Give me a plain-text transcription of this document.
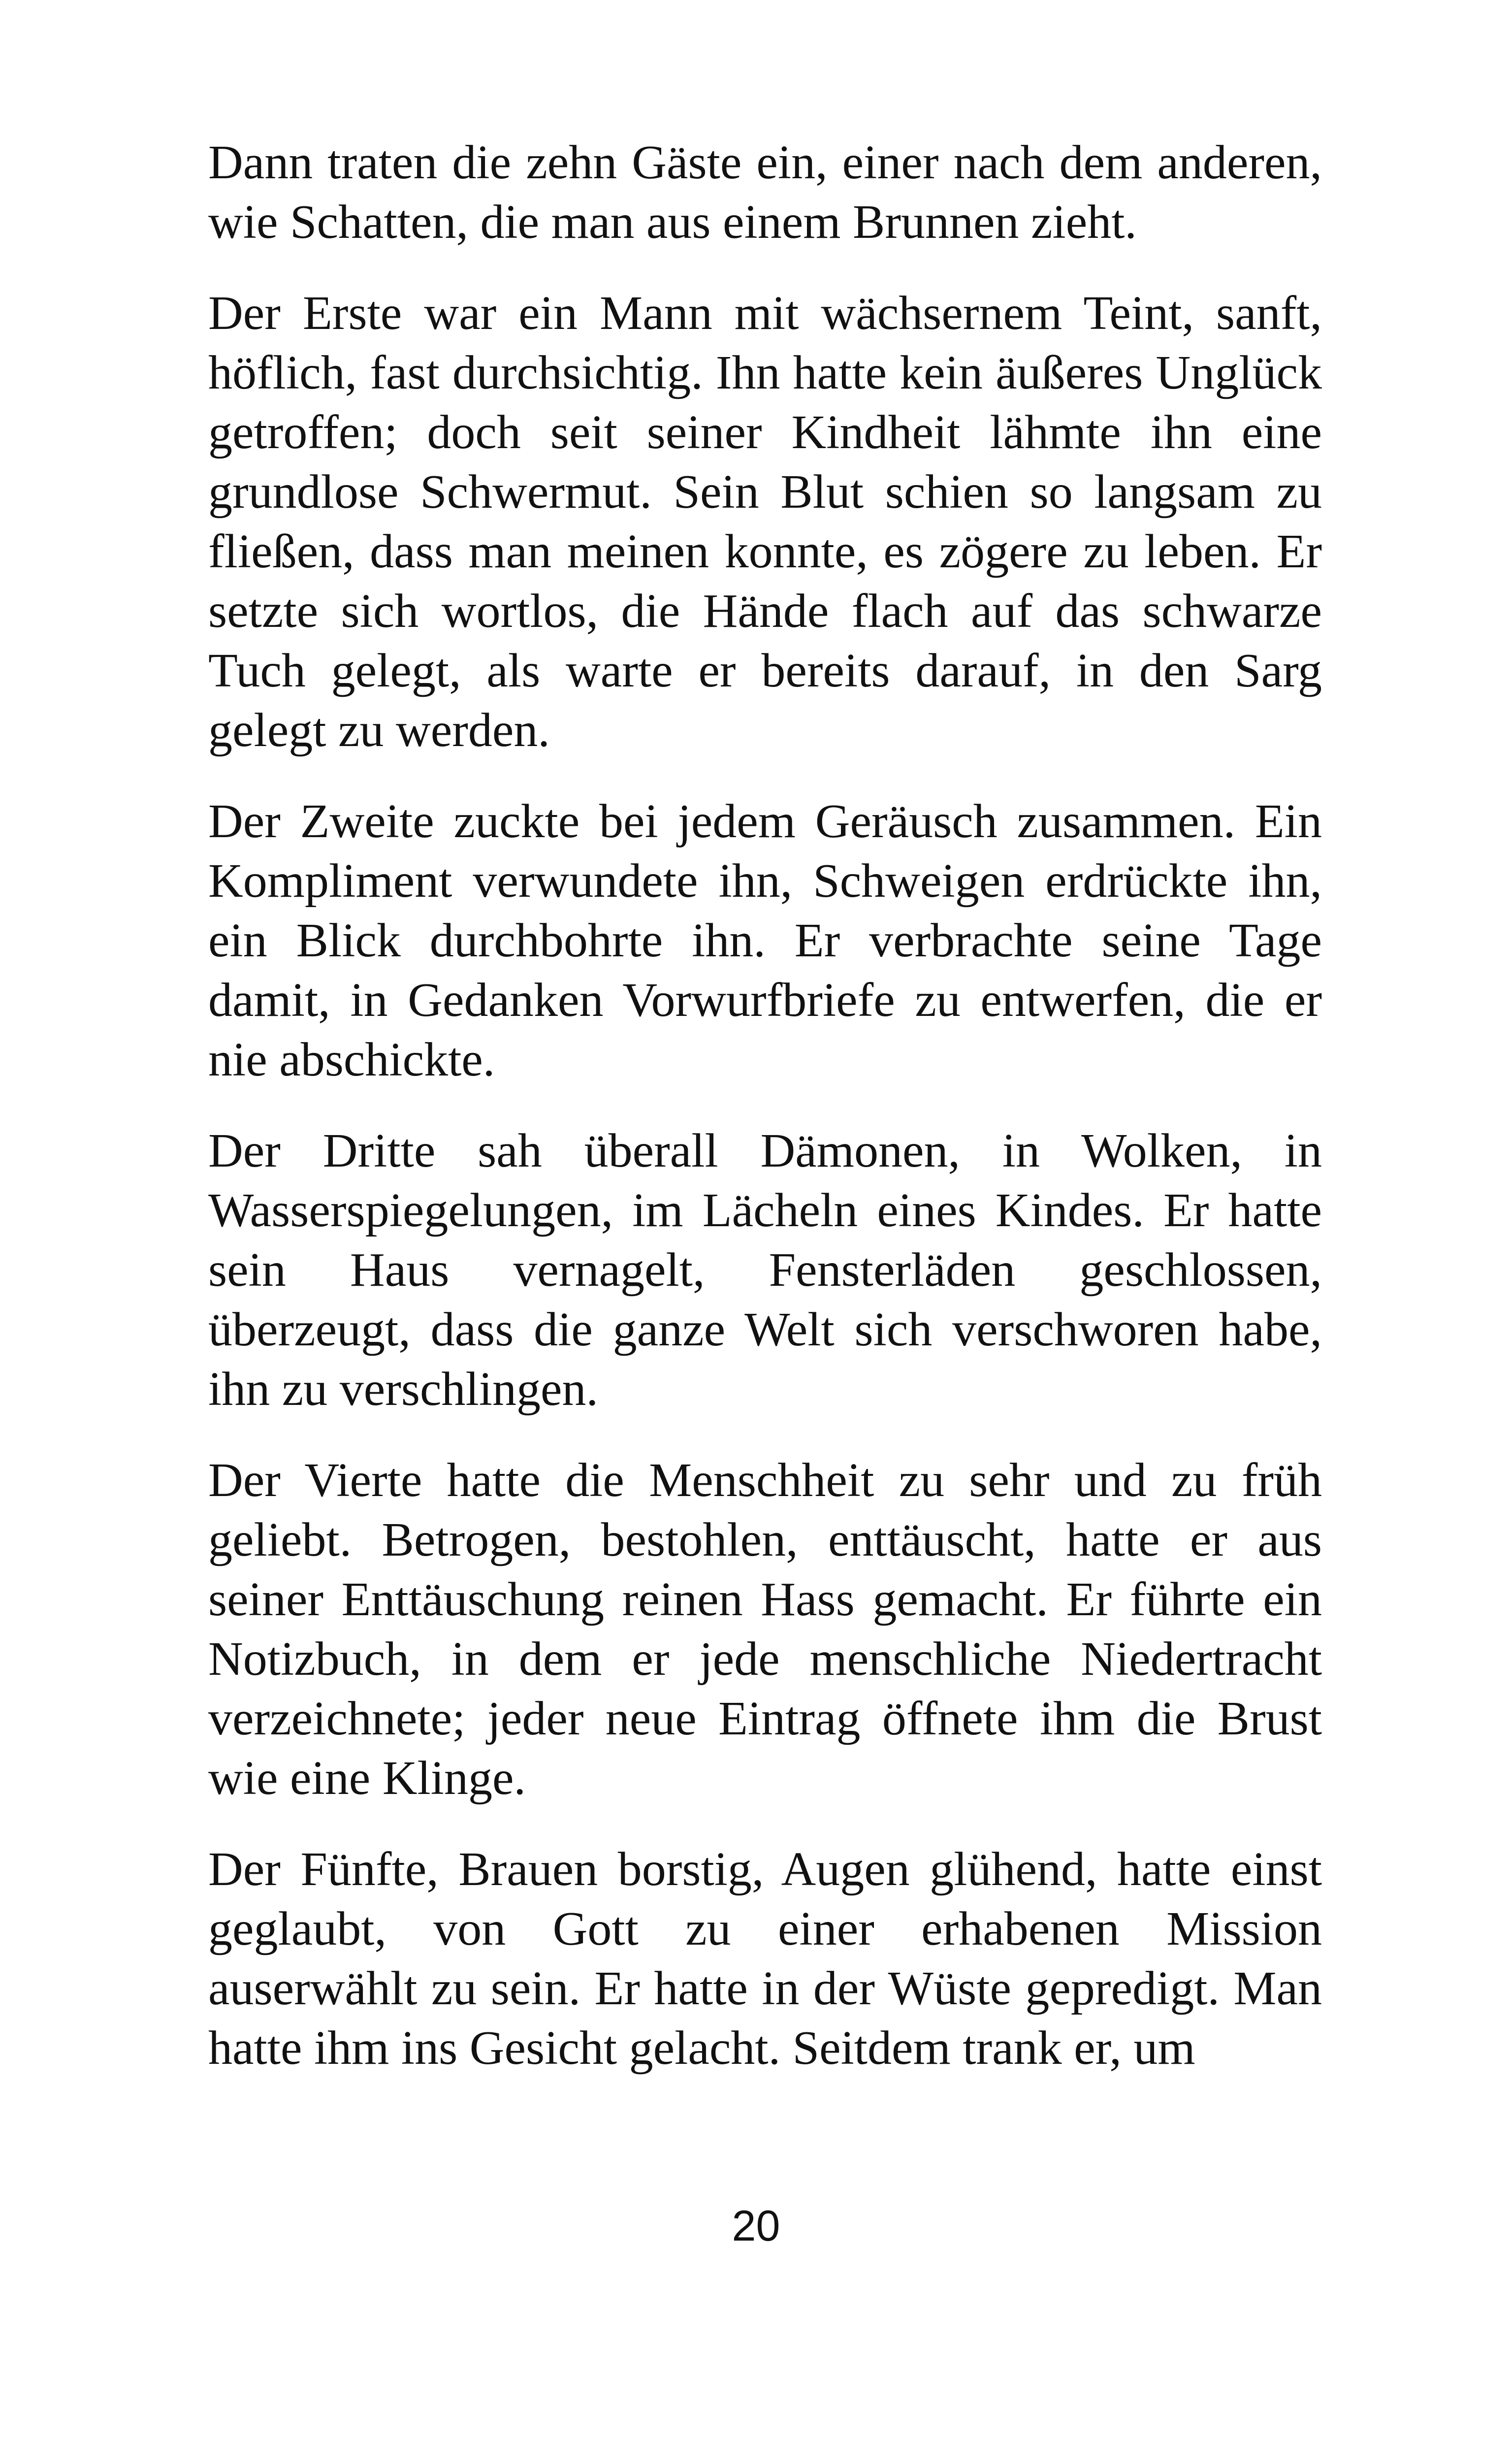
Dann traten die zehn Gäste ein, einer nach dem anderen, wie Schatten, die man aus einem Brunnen zieht.

Der Erste war ein Mann mit wächsernem Teint, sanft, höflich, fast durchsichtig. Ihn hatte kein äußeres Unglück getroffen; doch seit seiner Kindheit lähmte ihn eine grundlose Schwermut. Sein Blut schien so langsam zu fließen, dass man meinen konnte, es zögere zu leben. Er setzte sich wortlos, die Hände flach auf das schwarze Tuch gelegt, als warte er bereits darauf, in den Sarg gelegt zu werden.

Der Zweite zuckte bei jedem Geräusch zusammen. Ein Kompliment verwundete ihn, Schweigen erdrückte ihn, ein Blick durchbohrte ihn. Er verbrachte seine Tage damit, in Gedanken Vorwurfbriefe zu entwerfen, die er nie abschickte.

Der Dritte sah überall Dämonen, in Wolken, in Wasserspiegelungen, im Lächeln eines Kindes. Er hatte sein Haus vernagelt, Fensterläden geschlossen, überzeugt, dass die ganze Welt sich verschworen habe, ihn zu verschlingen.

Der Vierte hatte die Menschheit zu sehr und zu früh geliebt. Betrogen, bestohlen, enttäuscht, hatte er aus seiner Enttäuschung reinen Hass gemacht. Er führte ein Notizbuch, in dem er jede menschliche Niedertracht verzeichnete; jeder neue Eintrag öffnete ihm die Brust wie eine Klinge.

Der Fünfte, Brauen borstig, Augen glühend, hatte einst geglaubt, von Gott zu einer erhabenen Mission auserwählt zu sein. Er hatte in der Wüste gepredigt. Man hatte ihm ins Gesicht gelacht. Seitdem trank er, um

20
